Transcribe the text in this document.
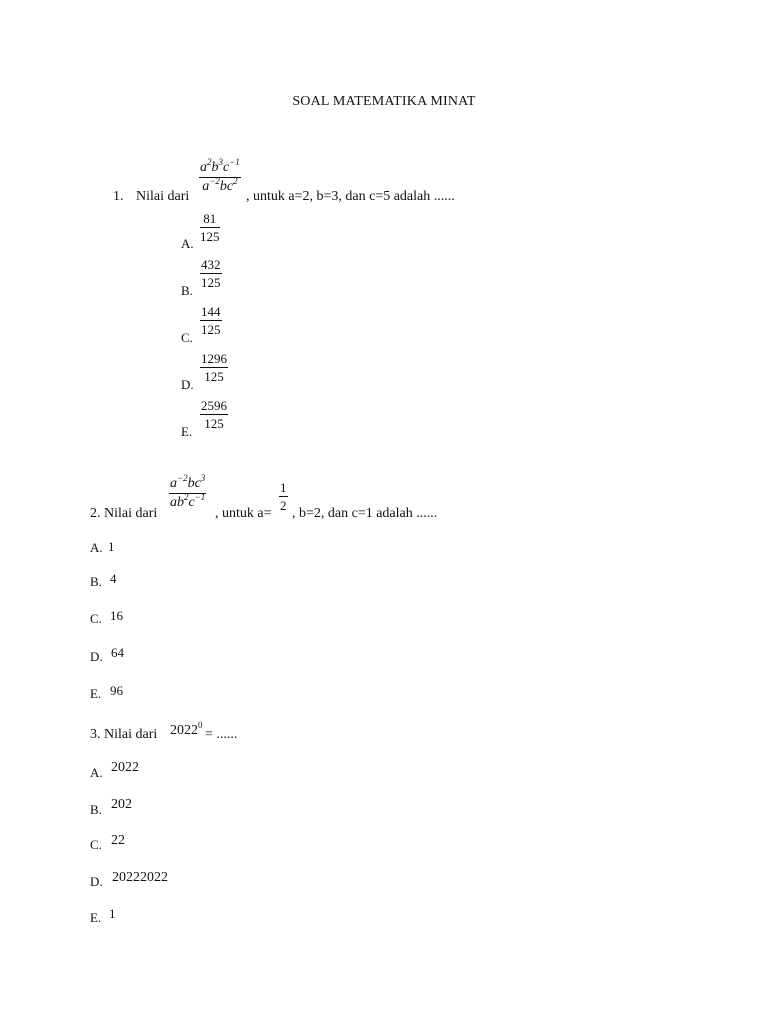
SOAL MATEMATIKA MINAT
1. Nilai dari
$\frac{a^2b^3c^{-1}}{a^{-2}bc^2}$
, untuk a=2, b=3, dan c=5 adalah ......
A.
$\frac{81}{125}$
B.
$\frac{432}{125}$
C.
$\frac{144}{125}$
D.
$\frac{1296}{125}$
E.
$\frac{2596}{125}$
2. Nilai dari
$\frac{a^{-2}bc^3}{ab^2c^{-1}}$
, untuk a=
$\frac{1}{2}$
, b=2, dan c=1 adalah ......
A. 1
B. 4
C. 16
D. 64
E. 96
3. Nilai dari $2022^0$
= ......
A. 2022
B. 202
C. 22
D. 20222022
E. 1
